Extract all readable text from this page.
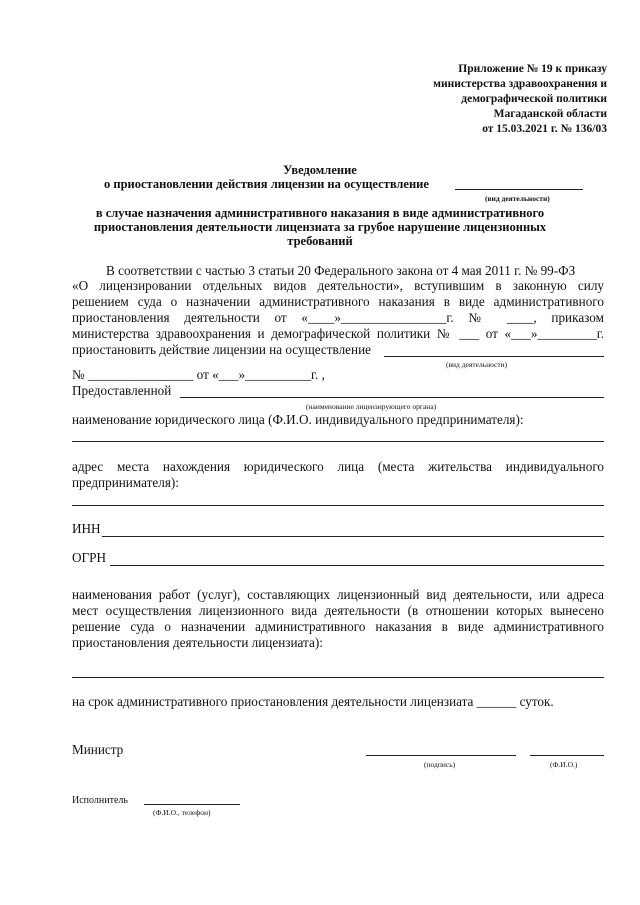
Приложение № 19 к приказу
министерства здравоохранения и
демографической политики
Магаданской области
от 15.03.2021 г. № 136/03
Уведомление
о приостановлении действия лицензии на осуществление
(вид деятельности)
в случае назначения административного наказания в виде административного
приостановления деятельности лицензиата за грубое нарушение лицензионных
требований
В соответствии с частью 3 статьи 20 Федерального закона от 4 мая 2011 г. № 99-ФЗ
«О лицензировании отдельных видов деятельности», вступившим в законную силу
решением суда о назначении административного наказания в виде административного
приостановления деятельности от «____»________________г. № ____, приказом
министерства здравоохранения и демографической политики № ___ от «___»_________г.
приостановить действие лицензии на осуществление
(вид деятельности)
№ ________________ от «___»__________г. ,
Предоставленной
(наименование лицензирующего органа)
наименование юридического лица (Ф.И.О. индивидуального предпринимателя):
адрес места нахождения юридического лица (места жительства индивидуального
предпринимателя):
ИНН
ОГРН
наименования работ (услуг), составляющих лицензионный вид деятельности, или адреса
мест осуществления лицензионного вида деятельности (в отношении которых вынесено
решение суда о назначении административного наказания в виде административного
приостановления деятельности лицензиата):
на срок административного приостановления деятельности лицензиата ______ суток.
Министр
(подпись)	(Ф.И.О.)
Исполнитель
(Ф.И.О., телефон)
